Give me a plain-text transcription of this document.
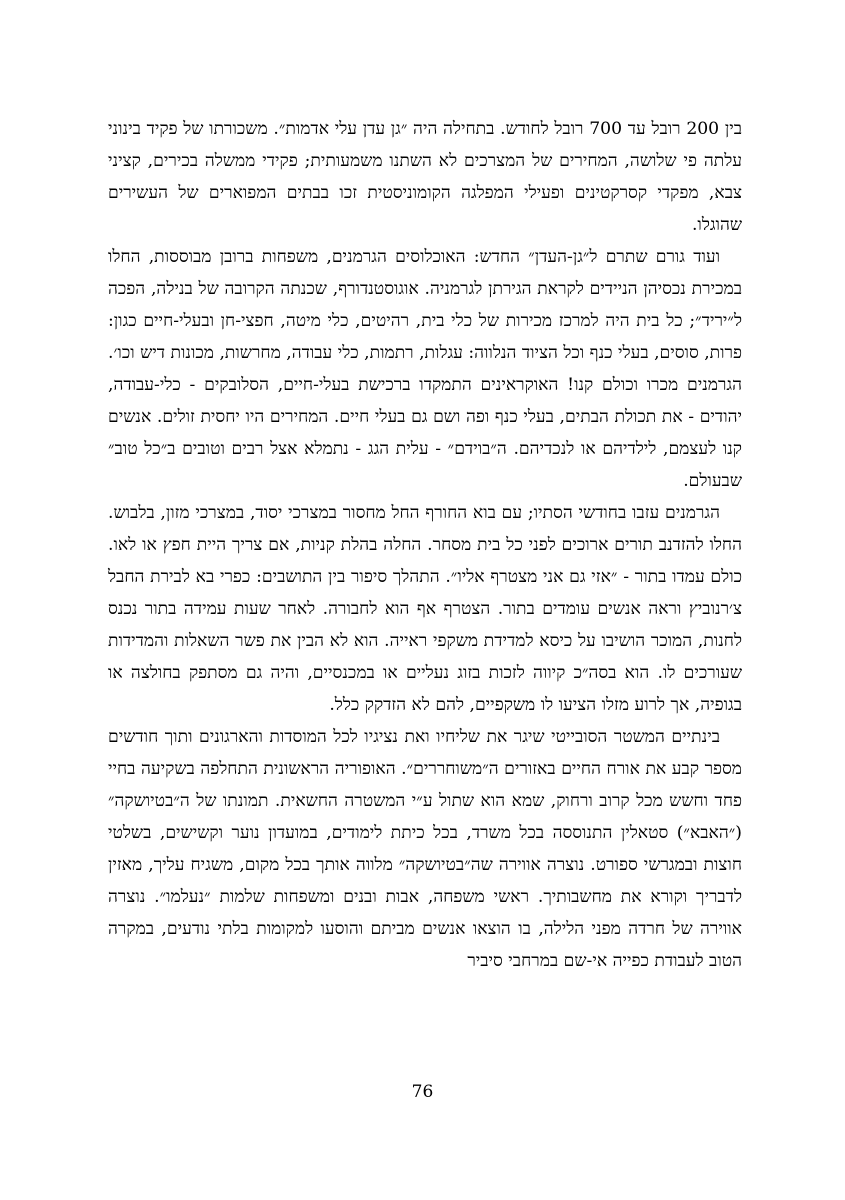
בין 200 רובל עד 700 רובל לחודש. בתחילה היה ״גן עדן עלי אדמות״. משכורתו של פקיד בינוני עלתה פי שלושה, המחירים של המצרכים לא השתנו משמעותית; פקידי ממשלה בכירים, קציני צבא, מפקדי קסרקטינים ופעילי המפלגה הקומוניסטית זכו בבתים המפוארים של העשירים שהוגלו.

ועוד גורם שתרם ל״גן-העדן״ החדש: האוכלוסים הגרמנים, משפחות ברובן מבוססות, החלו במכירת נכסיהן הניידים לקראת הגירתן לגרמניה. אוגוסטנדורף, שכנתה הקרובה של בנילה, הפכה ל״יריד״; כל בית היה למרכז מכירות של כלי בית, רהיטים, כלי מיטה, חפצי-חן ובעלי-חיים כגון: פרות, סוסים, בעלי כנף וכל הציוד הנלווה: עגלות, רתמות, כלי עבודה, מחרשות, מכונות דיש וכו׳. הגרמנים מכרו וכולם קנו! האוקראינים התמקדו ברכישת בעלי-חיים, הסלובקים - כלי-עבודה, יהודים - את תכולת הבתים, בעלי כנף ופה ושם גם בעלי חיים. המחירים היו יחסית זולים. אנשים קנו לעצמם, לילדיהם או לנכדיהם. ה״בוידם״ - עלית הגג - נתמלא אצל רבים וטובים ב״כל טוב״ שבעולם.

הגרמנים עזבו בחודשי הסתיו; עם בוא החורף החל מחסור במצרכי יסוד, במצרכי מזון, בלבוש. החלו להזדנב תורים ארוכים לפני כל בית מסחר. החלה בהלת קניות, אם צריך היית חפץ או לאו. כולם עמדו בתור - ״אזי גם אני מצטרף אליו״. התהלך סיפור בין התושבים: כפרי בא לבירת החבל צ׳רנוביץ וראה אנשים עומדים בתור. הצטרף אף הוא לחבורה. לאחר שעות עמידה בתור נכנס לחנות, המוכר הושיבו על כיסא למדידת משקפי ראייה. הוא לא הבין את פשר השאלות והמדידות שעורכים לו. הוא בסה״כ קיווה לזכות בזוג נעליים או במכנסיים, והיה גם מסתפק בחולצה או בגופיה, אך לרוע מזלו הציעו לו משקפיים, להם לא הזדקק כלל.

בינתיים המשטר הסובייטי שיגר את שליחיו ואת נציגיו לכל המוסדות והארגונים ותוך חודשים מספר קבע את אורח החיים באזורים ה״משוחררים״. האופוריה הראשונית התחלפה בשקיעה בחיי פחד וחשש מכל קרוב ורחוק, שמא הוא שתול ע״י המשטרה החשאית. תמונתו של ה״בטיושקה״ (״האבא״) סטאלין התנוססה בכל משרד, בכל כיתת לימודים, במועדון נוער וקשישים, בשלטי חוצות ובמגרשי ספורט. נוצרה אווירה שה״בטיושקה״ מלווה אותך בכל מקום, משגיח עליך, מאזין לדבריך וקורא את מחשבותיך. ראשי משפחה, אבות ובנים ומשפחות שלמות ״נעלמו״. נוצרה אווירה של חרדה מפני הלילה, בו הוצאו אנשים מביתם והוסעו למקומות בלתי נודעים, במקרה הטוב לעבודת כפייה אי-שם במרחבי סיביר

76
